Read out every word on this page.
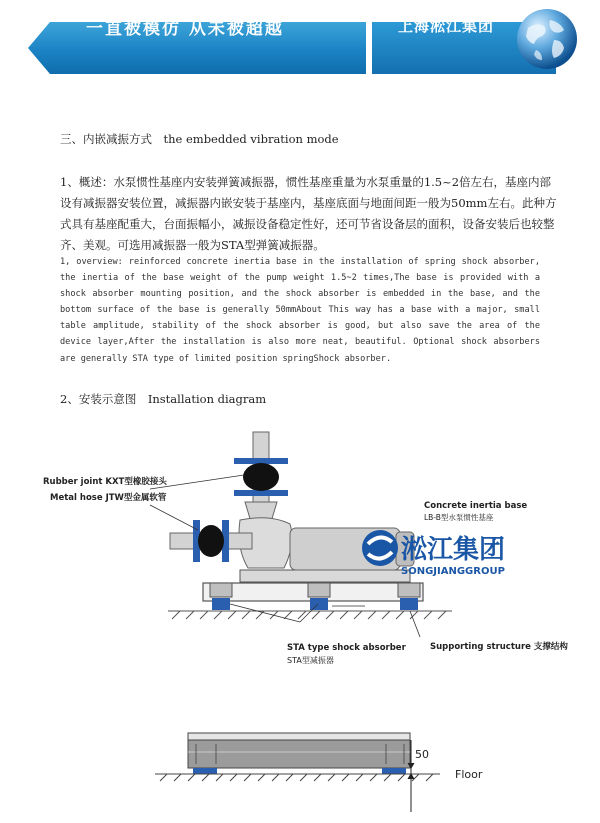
一直被模仿 从未被超越	上海淞江集团
三、内嵌减振方式　the embedded vibration mode
1、概述：水泵惯性基座内安装弹簧减振器，惯性基座重量为水泵重量的1.5~2倍左右，基座内部设有减振器安装位置，减振器内嵌安装于基座内，基座底面与地面间距一般为50mm左右。此种方式具有基座配重大，台面振幅小，减振设备稳定性好，还可节省设备层的面积，设备安装后也较整齐、美观。可选用减振器一般为STA型弹簧减振器。
1, overview: reinforced concrete inertia base in the installation of spring shock absorber, the inertia of the base weight of the pump weight 1.5~2 times,The base is provided with a shock absorber mounting position, and the shock absorber is embedded in the base, and the bottom surface of the base is generally 50mmAbout This way has a base with a major, small table amplitude, stability of the shock absorber is good, but also save the area of the device layer,After the installation is also more neat, beautiful. Optional shock absorbers are generally STA type of limited position springShock absorber.
2、安装示意图　Installation diagram
Rubber joint KXT型橡胶接头
Metal hose JTW型金属软管
Concrete inertia base
LB-B型水泵惯性基座
淞江集团
SONGJIANGGROUP
STA type shock absorber
STA型减振器
Supporting structure 支撑结构
50
Floor
